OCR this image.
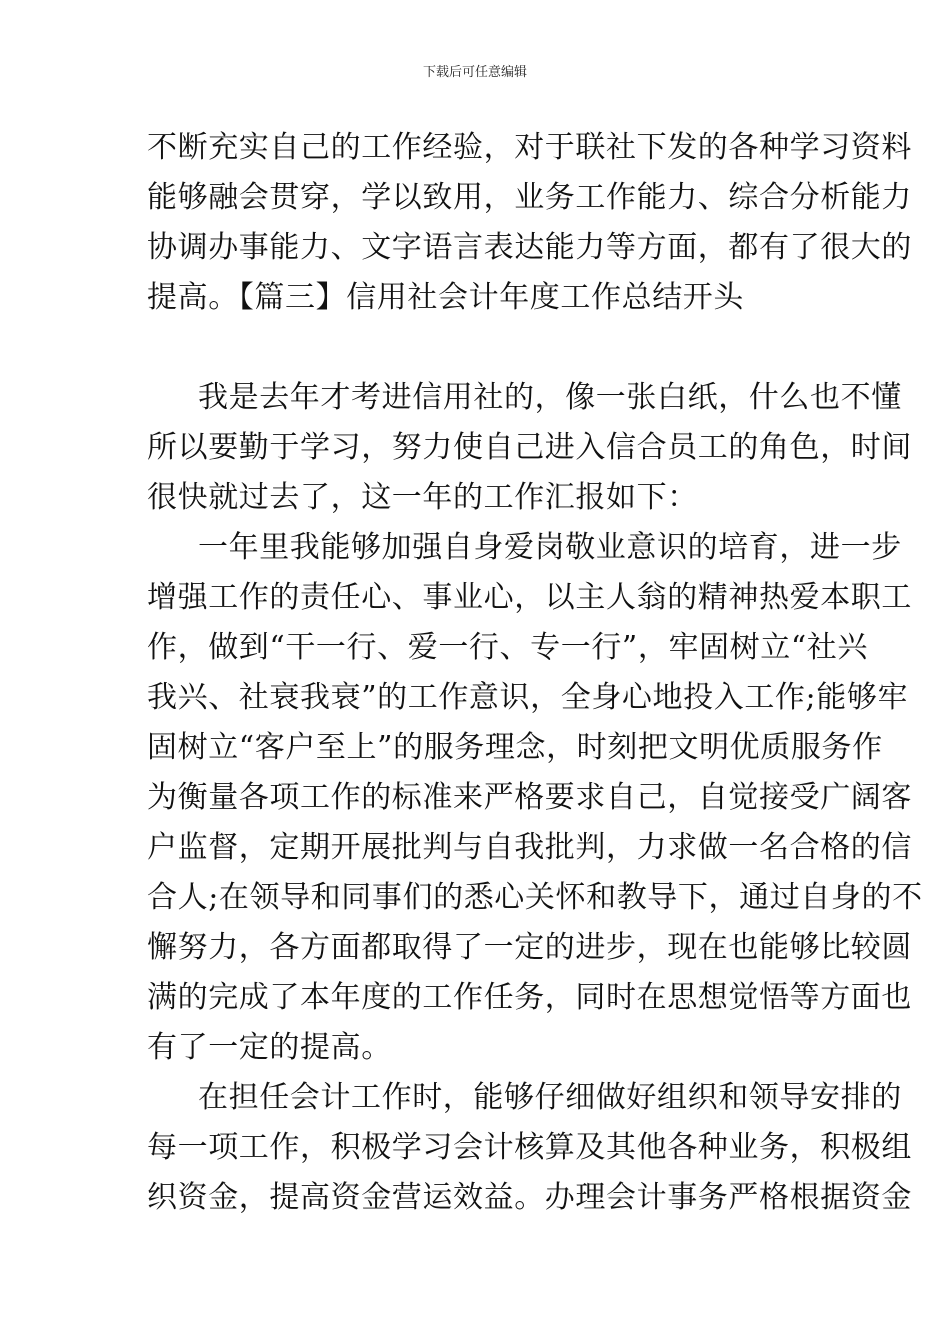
下载后可任意编辑
不断充实自己的工作经验，对于联社下发的各种学习资料
能够融会贯穿，学以致用，业务工作能力、综合分析能力
协调办事能力、文字语言表达能力等方面，都有了很大的
提高。【篇三】信用社会计年度工作总结开头
我是去年才考进信用社的，像一张白纸，什么也不懂
所以要勤于学习，努力使自己进入信合员工的角色，时间
很快就过去了，这一年的工作汇报如下：
一年里我能够加强自身爱岗敬业意识的培育，进一步
增强工作的责任心、事业心，以主人翁的精神热爱本职工
作，做到“干一行、爱一行、专一行”，牢固树立“社兴
我兴、社衰我衰”的工作意识，全身心地投入工作;能够牢
固树立“客户至上”的服务理念，时刻把文明优质服务作
为衡量各项工作的标准来严格要求自己，自觉接受广阔客
户监督，定期开展批判与自我批判，力求做一名合格的信
合人;在领导和同事们的悉心关怀和教导下，通过自身的不
懈努力，各方面都取得了一定的进步，现在也能够比较圆
满的完成了本年度的工作任务，同时在思想觉悟等方面也
有了一定的提高。
在担任会计工作时，能够仔细做好组织和领导安排的
每一项工作，积极学习会计核算及其他各种业务，积极组
织资金，提高资金营运效益。办理会计事务严格根据资金
